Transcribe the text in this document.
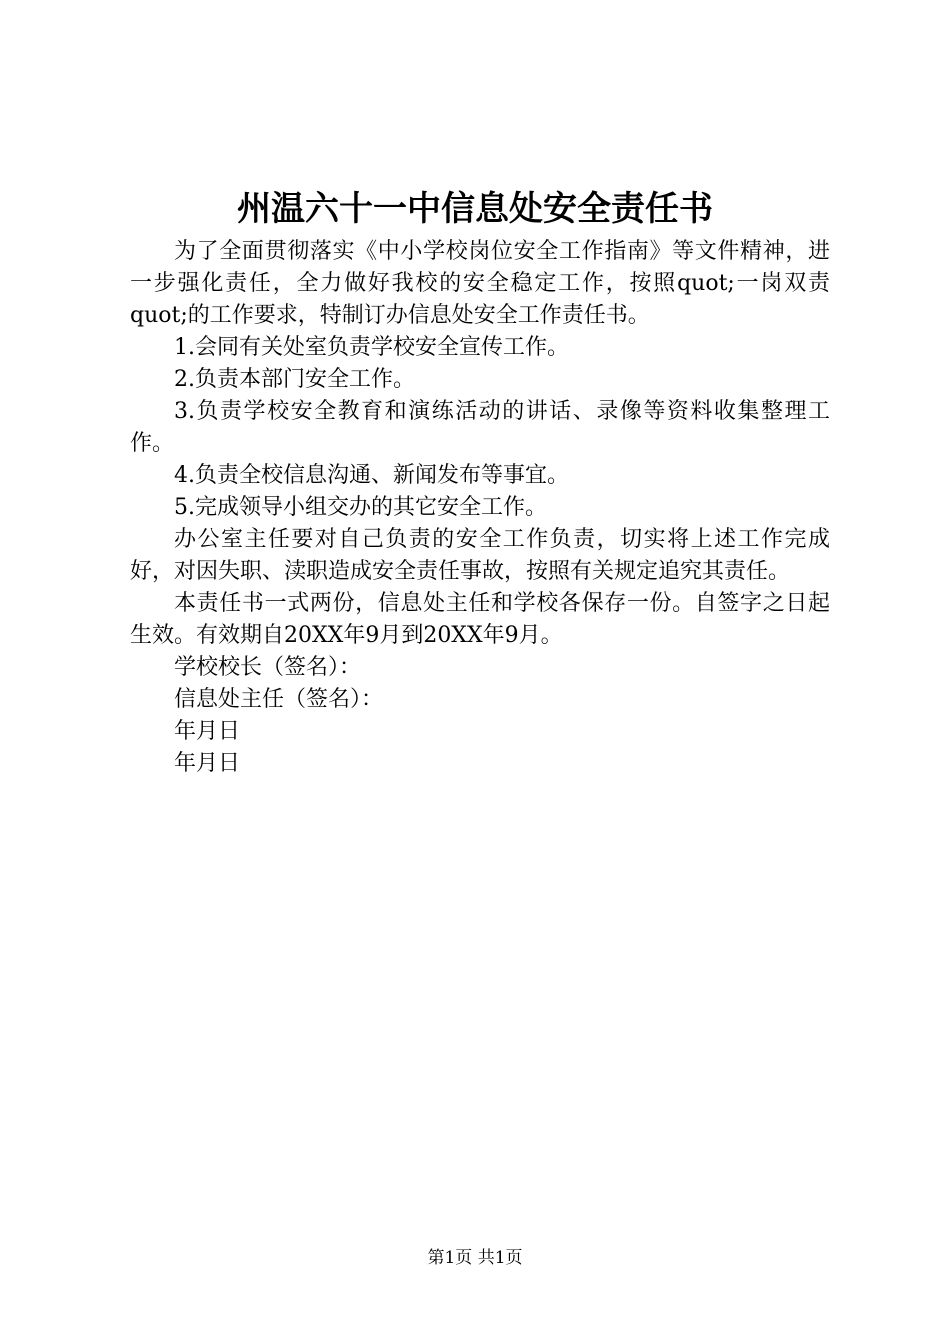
州温六十一中信息处安全责任书

为了全面贯彻落实《中小学校岗位安全工作指南》等文件精神，进一步强化责任，全力做好我校的安全稳定工作，按照quot;一岗双责quot;的工作要求，特制订办信息处安全工作责任书。

1.会同有关处室负责学校安全宣传工作。

2.负责本部门安全工作。

3.负责学校安全教育和演练活动的讲话、录像等资料收集整理工作。

4.负责全校信息沟通、新闻发布等事宜。

5.完成领导小组交办的其它安全工作。

办公室主任要对自己负责的安全工作负责，切实将上述工作完成好，对因失职、渎职造成安全责任事故，按照有关规定追究其责任。

本责任书一式两份，信息处主任和学校各保存一份。自签字之日起生效。有效期自20XX年9月到20XX年9月。

学校校长（签名）：

信息处主任（签名）：

年月日

年月日

第1页 共1页
